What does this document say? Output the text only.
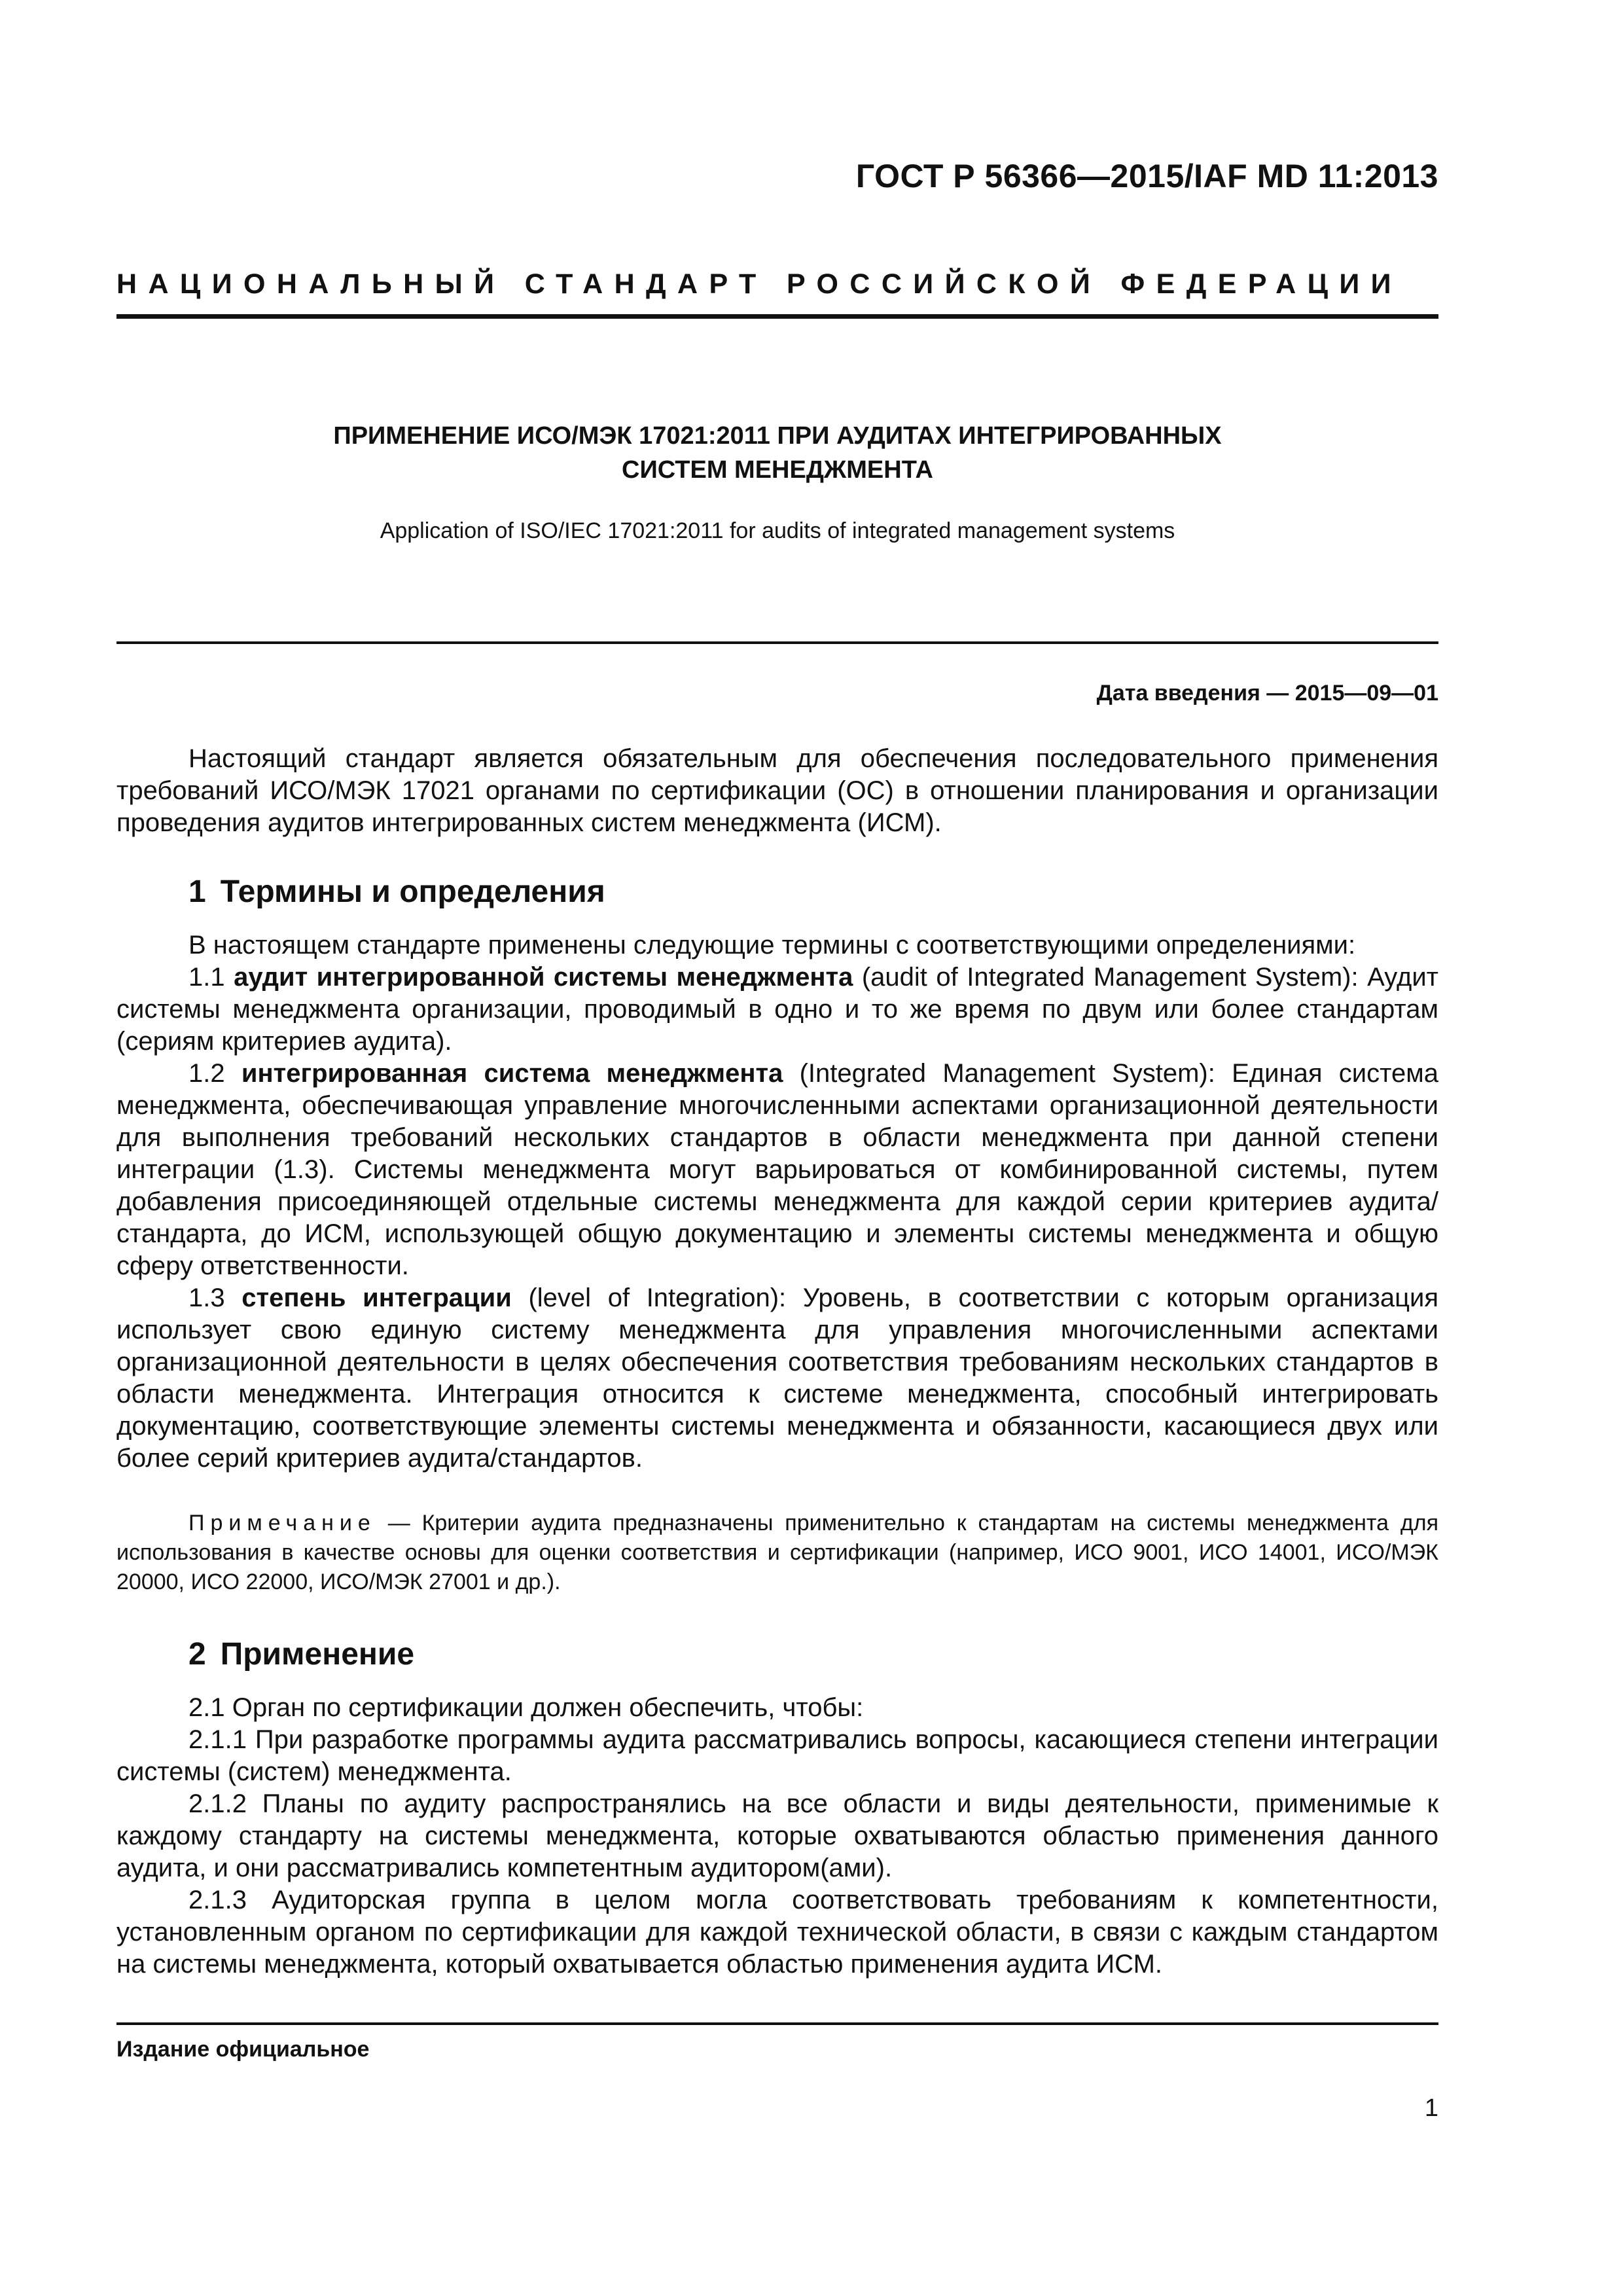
ГОСТ Р 56366—2015/IAF MD 11:2013
НАЦИОНАЛЬНЫЙ СТАНДАРТ РОССИЙСКОЙ ФЕДЕРАЦИИ
ПРИМЕНЕНИЕ ИСО/МЭК 17021:2011 ПРИ АУДИТАХ ИНТЕГРИРОВАННЫХ
СИСТЕМ МЕНЕДЖМЕНТА
Application of ISO/IEC 17021:2011 for audits of integrated management systems
Дата введения — 2015—09—01

Настоящий стандарт является обязательным для обеспечения последовательного применения требований ИСО/МЭК 17021 органами по сертификации (ОС) в отношении планирования и организации проведения аудитов интегрированных систем менеджмента (ИСМ).

1 Термины и определения

В настоящем стандарте применены следующие термины с соответствующими определениями:

1.1 аудит интегрированной системы менеджмента (audit of Integrated Management System): Аудит системы менеджмента организации, проводимый в одно и то же время по двум или более стандартам (сериям критериев аудита).

1.2 интегрированная система менеджмента (Integrated Management System): Единая система менеджмента, обеспечивающая управление многочисленными аспектами организационной деятельности для выполнения требований нескольких стандартов в области менеджмента при данной степени интеграции (1.3). Системы менеджмента могут варьироваться от комбинированной системы, путем добавления присоединяющей отдельные системы менеджмента для каждой серии критериев аудита/стандарта, до ИСМ, использующей общую документацию и элементы системы менеджмента и общую сферу ответственности.

1.3 степень интеграции (level of Integration): Уровень, в соответствии с которым организация использует свою единую систему менеджмента для управления многочисленными аспектами организационной деятельности в целях обеспечения соответствия требованиям нескольких стандартов в области менеджмента. Интеграция относится к системе менеджмента, способный интегрировать документацию, соответствующие элементы системы менеджмента и обязанности, касающиеся двух или более серий критериев аудита/стандартов.

Примечание — Критерии аудита предназначены применительно к стандартам на системы менеджмента для использования в качестве основы для оценки соответствия и сертификации (например, ИСО 9001, ИСО 14001, ИСО/МЭК 20000, ИСО 22000, ИСО/МЭК 27001 и др.).
2 Применение

2.1 Орган по сертификации должен обеспечить, чтобы:

2.1.1 При разработке программы аудита рассматривались вопросы, касающиеся степени интеграции системы (систем) менеджмента.

2.1.2 Планы по аудиту распространялись на все области и виды деятельности, применимые к каждому стандарту на системы менеджмента, которые охватываются областью применения данного аудита, и они рассматривались компетентным аудитором(ами).

2.1.3 Аудиторская группа в целом могла соответствовать требованиям к компетентности, установленным органом по сертификации для каждой технической области, в связи с каждым стандартом на системы менеджмента, который охватывается областью применения аудита ИСМ.

Издание официальное
1
